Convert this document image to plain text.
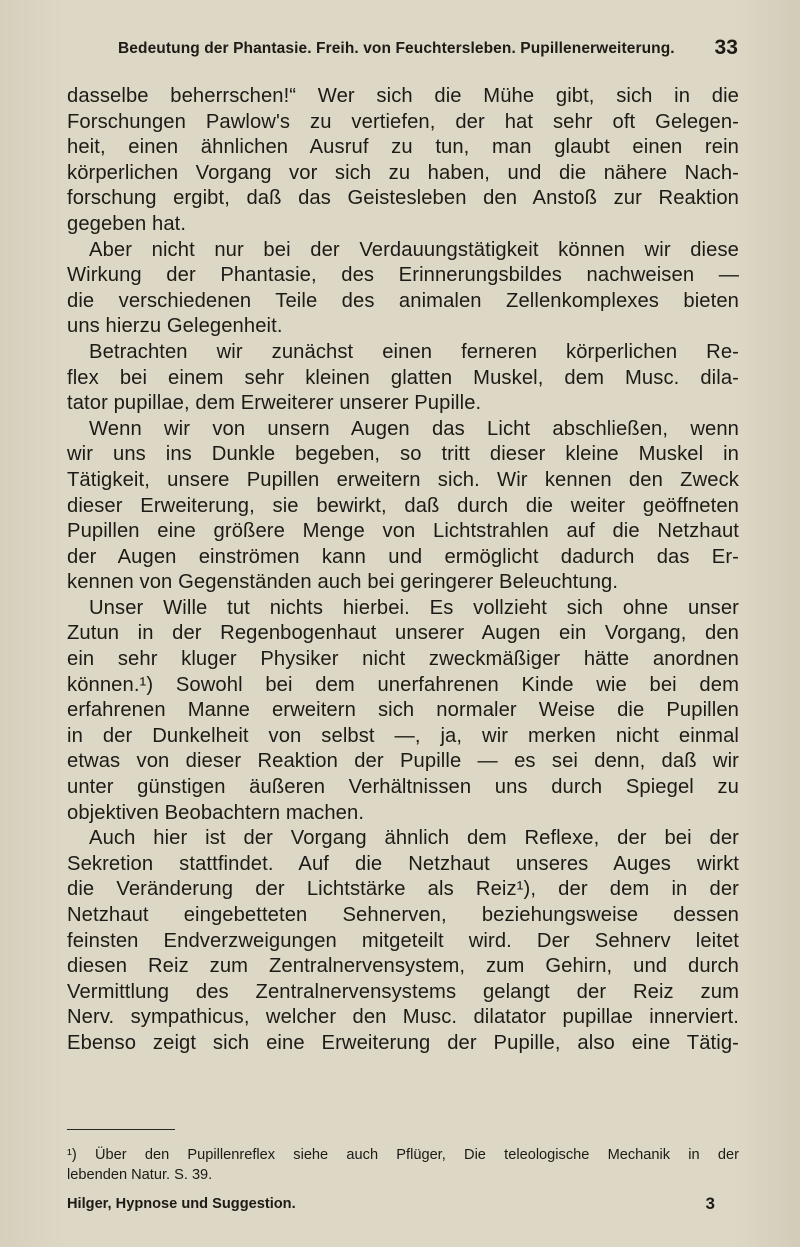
Bedeutung der Phantasie. Freih. von Feuchtersleben. Pupillenerweiterung. 33
dasselbe beherrschen!“ Wer sich die Mühe gibt, sich in die
Forschungen Pawlow's zu vertiefen, der hat sehr oft Gelegen-
heit, einen ähnlichen Ausruf zu tun, man glaubt einen rein
körperlichen Vorgang vor sich zu haben, und die nähere Nach-
forschung ergibt, daß das Geistesleben den Anstoß zur Reaktion
gegeben hat.
Aber nicht nur bei der Verdauungstätigkeit können wir diese
Wirkung der Phantasie, des Erinnerungsbildes nachweisen —
die verschiedenen Teile des animalen Zellenkomplexes bieten
uns hierzu Gelegenheit.
Betrachten wir zunächst einen ferneren körperlichen Re-
flex bei einem sehr kleinen glatten Muskel, dem Musc. dila-
tator pupillae, dem Erweiterer unserer Pupille.
Wenn wir von unsern Augen das Licht abschließen, wenn
wir uns ins Dunkle begeben, so tritt dieser kleine Muskel in
Tätigkeit, unsere Pupillen erweitern sich. Wir kennen den Zweck
dieser Erweiterung, sie bewirkt, daß durch die weiter geöffneten
Pupillen eine größere Menge von Lichtstrahlen auf die Netzhaut
der Augen einströmen kann und ermöglicht dadurch das Er-
kennen von Gegenständen auch bei geringerer Beleuchtung.
Unser Wille tut nichts hierbei. Es vollzieht sich ohne unser
Zutun in der Regenbogenhaut unserer Augen ein Vorgang, den
ein sehr kluger Physiker nicht zweckmäßiger hätte anordnen
können.¹) Sowohl bei dem unerfahrenen Kinde wie bei dem
erfahrenen Manne erweitern sich normaler Weise die Pupillen
in der Dunkelheit von selbst —, ja, wir merken nicht einmal
etwas von dieser Reaktion der Pupille — es sei denn, daß wir
unter günstigen äußeren Verhältnissen uns durch Spiegel zu
objektiven Beobachtern machen.
Auch hier ist der Vorgang ähnlich dem Reflexe, der bei der
Sekretion stattfindet. Auf die Netzhaut unseres Auges wirkt
die Veränderung der Lichtstärke als Reiz¹), der dem in der
Netzhaut eingebetteten Sehnerven, beziehungsweise dessen
feinsten Endverzweigungen mitgeteilt wird. Der Sehnerv leitet
diesen Reiz zum Zentralnervensystem, zum Gehirn, und durch
Vermittlung des Zentralnervensystems gelangt der Reiz zum
Nerv. sympathicus, welcher den Musc. dilatator pupillae innerviert.
Ebenso zeigt sich eine Erweiterung der Pupille, also eine Tätig-
¹) Über den Pupillenreflex siehe auch Pflüger, Die teleologische Mechanik in der
lebenden Natur. S. 39.
Hilger, Hypnose und Suggestion.	3
